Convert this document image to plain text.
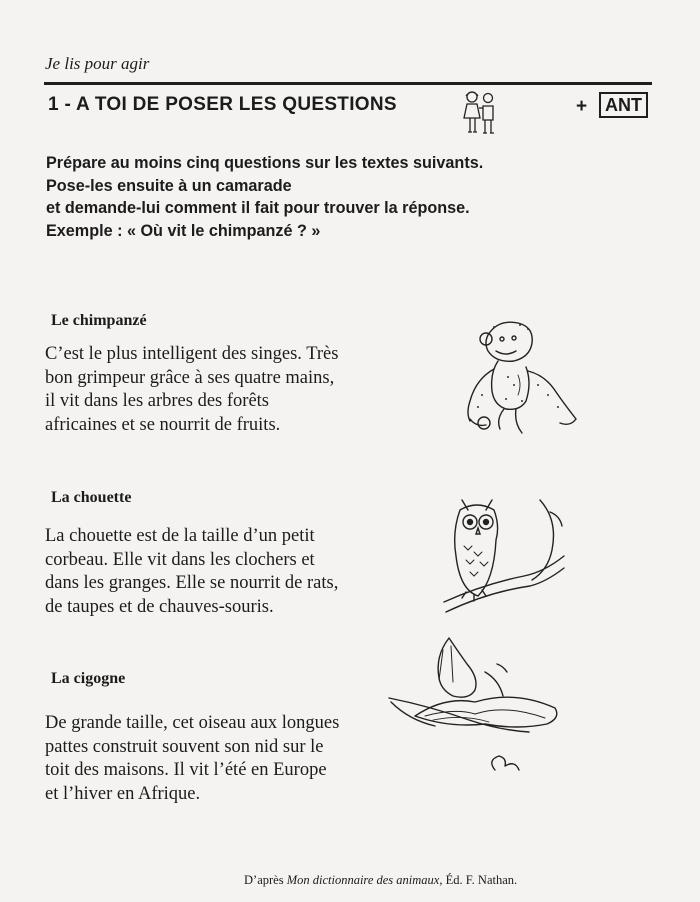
Je lis pour agir
1 - A TOI DE POSER LES QUESTIONS	+ ANT
Prépare au moins cinq questions sur les textes suivants.
Pose-les ensuite à un camarade
et demande-lui comment il fait pour trouver la réponse.
Exemple : « Où vit le chimpanzé ? »
Le chimpanzé
C’est le plus intelligent des singes. Très
bon grimpeur grâce à ses quatre mains,
il vit dans les arbres des forêts
africaines et se nourrit de fruits.
La chouette
La chouette est de la taille d’un petit
corbeau. Elle vit dans les clochers et
dans les granges. Elle se nourrit de rats,
de taupes et de chauves-souris.
La cigogne
De grande taille, cet oiseau aux longues
pattes construit souvent son nid sur le
toit des maisons. Il vit l’été en Europe
et l’hiver en Afrique.
D’après Mon dictionnaire des animaux, Éd. F. Nathan.
